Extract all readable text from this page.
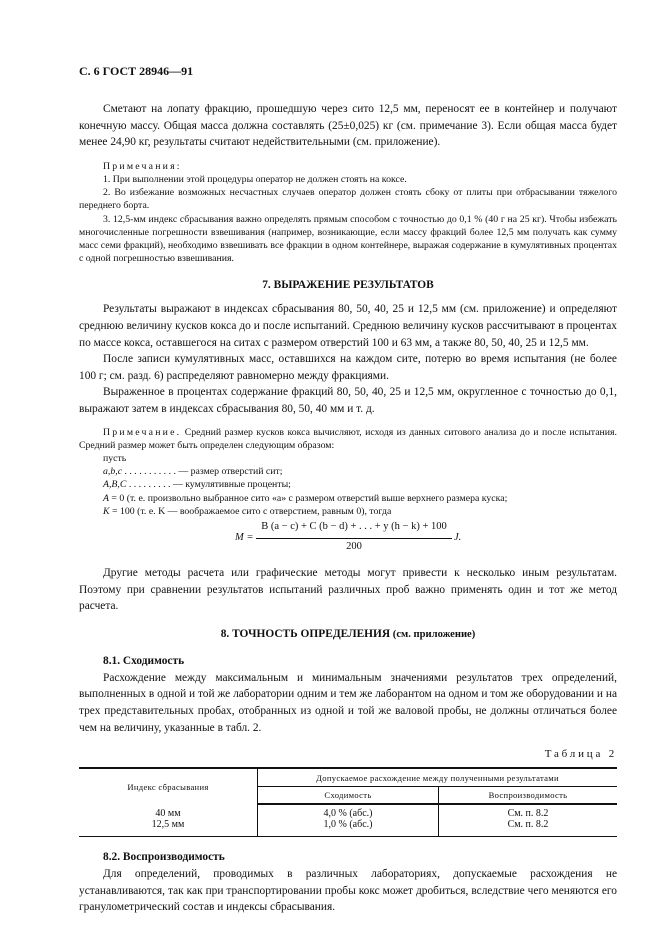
С. 6 ГОСТ 28946—91

Сметают на лопату фракцию, прошедшую через сито 12,5 мм, переносят ее в контейнер и получают конечную массу. Общая масса должна составлять (25±0,025) кг (см. примечание 3). Если общая масса будет менее 24,90 кг, результаты считают недействительными (см. приложение).

Примечания:

1. При выполнении этой процедуры оператор не должен стоять на коксе.

2. Во избежание возможных несчастных случаев оператор должен стоять сбоку от плиты при отбрасывании тяжелого переднего борта.

3. 12,5-мм индекс сбрасывания важно определять прямым способом с точностью до 0,1 % (40 г на 25 кг). Чтобы избежать многочисленные погрешности взвешивания (например, возникающие, если массу фракций более 12,5 мм получать как сумму масс семи фракций), необходимо взвешивать все фракции в одном контейнере, выражая содержание в кумулятивных процентах с одной погрешностью взвешивания.

7. ВЫРАЖЕНИЕ РЕЗУЛЬТАТОВ

Результаты выражают в индексах сбрасывания 80, 50, 40, 25 и 12,5 мм (см. приложение) и определяют среднюю величину кусков кокса до и после испытаний. Среднюю величину кусков рассчитывают в процентах по массе кокса, оставшегося на ситах с размером отверстий 100 и 63 мм, а также 80, 50, 40, 25 и 12,5 мм.

После записи кумулятивных масс, оставшихся на каждом сите, потерю во время испытания (не более 100 г; см. разд. 6) распределяют равномерно между фракциями.

Выраженное в процентах содержание фракций 80, 50, 40, 25 и 12,5 мм, округленное с точностью до 0,1, выражают затем в индексах сбрасывания 80, 50, 40 мм и т. д.

Примечание. Средний размер кусков кокса вычисляют, исходя из данных ситового анализа до и после испытания. Средний размер может быть определен следующим образом:

пусть

a,b,c . . . . . . . . . . . — размер отверстий сит;

A,B,C . . . . . . . . . — кумулятивные проценты;

A = 0 (т. е. произвольно выбранное сито «a» с размером отверстий выше верхнего размера куска;

K = 100 (т. е. K — воображаемое сито с отверстием, равным 0), тогда

M =
B (a − c) + C (b − d) + . . . + y (h − k) + 100
200
J.

Другие методы расчета или графические методы могут привести к несколько иным результатам. Поэтому при сравнении результатов испытаний различных проб важно применять один и тот же метод расчета.

8. ТОЧНОСТЬ ОПРЕДЕЛЕНИЯ (см. приложение)
8.1. Сходимость

Расхождение между максимальным и минимальным значениями результатов трех определений, выполненных в одной и той же лаборатории одним и тем же лаборантом на одном и том же оборудовании и на трех представительных пробах, отобранных из одной и той же валовой пробы, не должны отличаться более чем на величину, указанные в табл. 2.

Таблица 2
Индекс сбрасывания	Допускаемое расхождение между полученными результатами	
	Сходимость	Воспроизводимость
40 мм	4,0 % (абс.)	См. п. 8.2
12,5 мм	1,0 % (абс.)	См. п. 8.2

8.2. Воспроизводимость

Для определений, проводимых в различных лабораториях, допускаемые расхождения не устанавливаются, так как при транспортировании пробы кокс может дробиться, вследствие чего меняются его гранулометрический состав и индексы сбрасывания.
